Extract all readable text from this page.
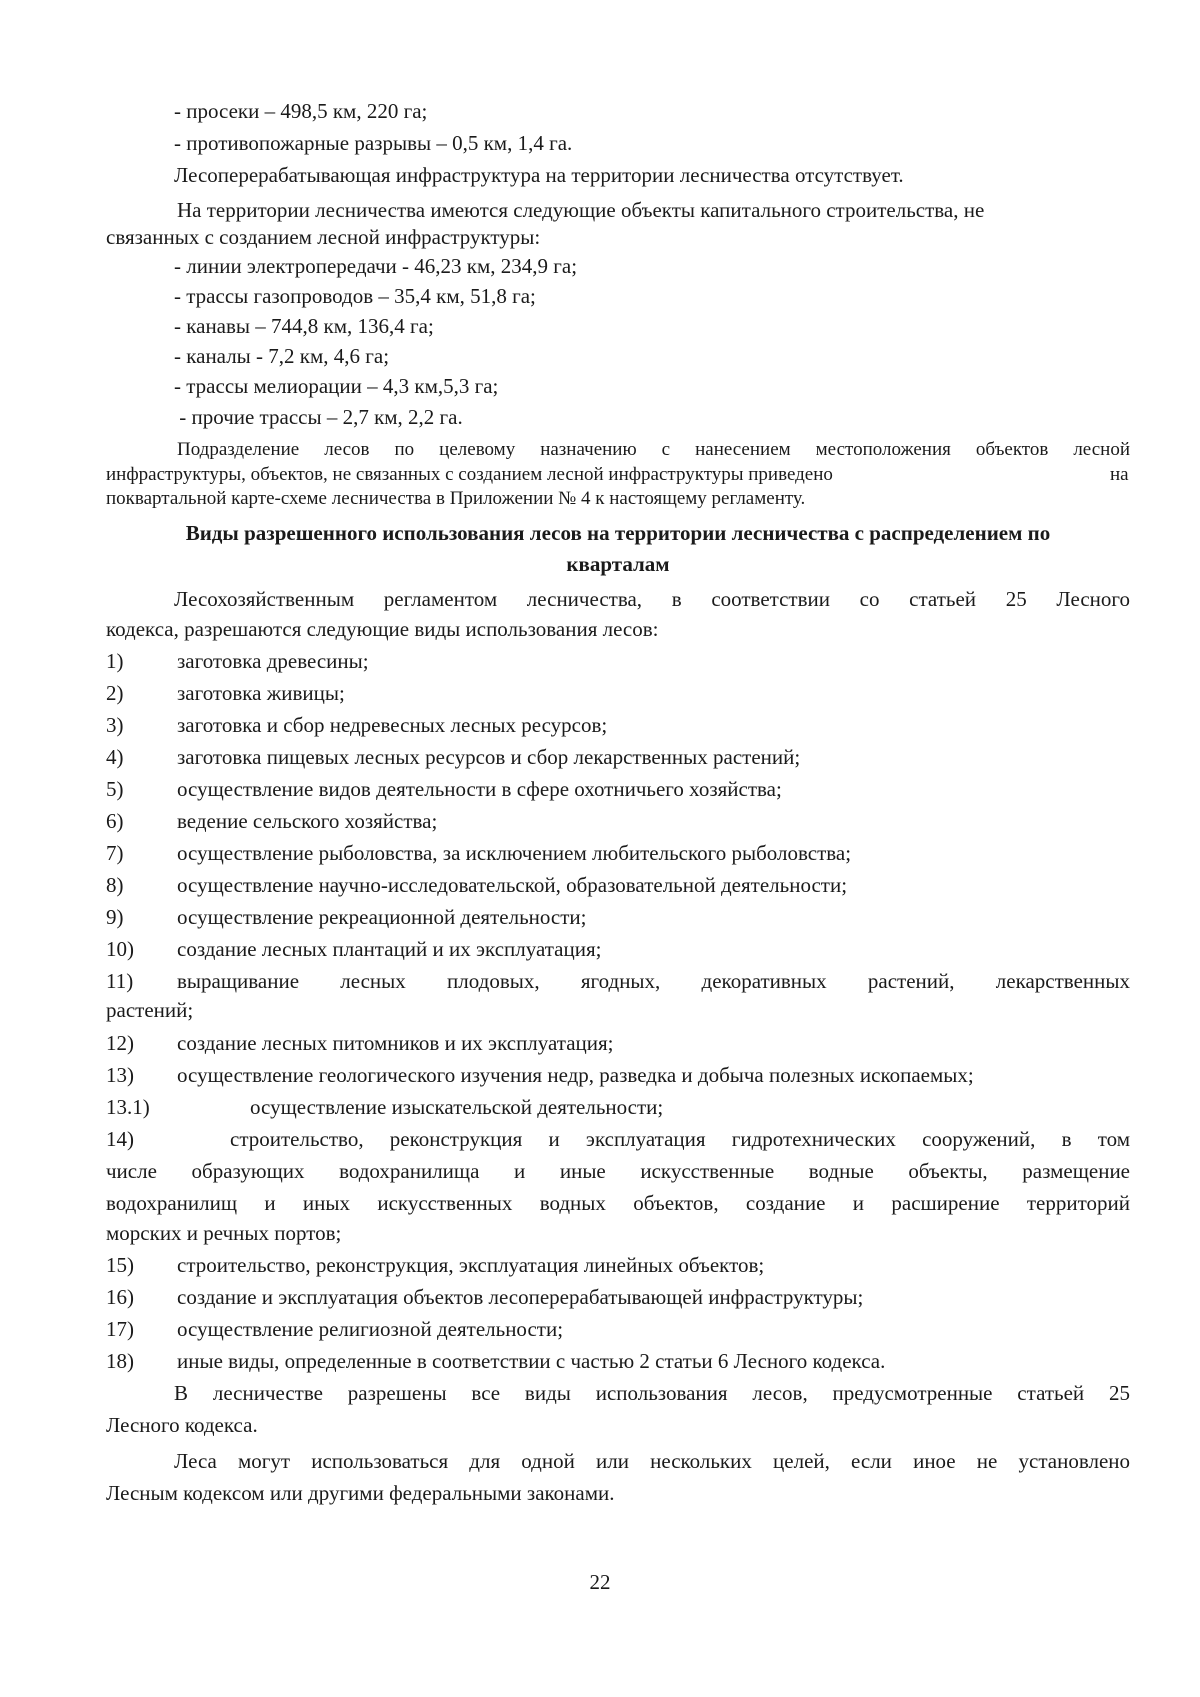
- просеки – 498,5 км, 220 га;
- противопожарные разрывы – 0,5 км, 1,4 га.
Лесоперерабатывающая инфраструктура на территории лесничества отсутствует.
На территории лесничества имеются следующие объекты капитального строительства, не
связанных с созданием лесной инфраструктуры:
- линии электропередачи - 46,23 км, 234,9 га;
- трассы газопроводов – 35,4 км, 51,8 га;
- канавы – 744,8 км, 136,4 га;
- каналы - 7,2 км, 4,6 га;
- трассы мелиорации – 4,3 км,5,3 га;
- прочие трассы – 2,7 км, 2,2 га.
Подразделение лесов по целевому назначению с нанесением местоположения объектов лесной
инфраструктуры, объектов, не связанных с созданием лесной инфраструктуры приведено	на
поквартальной карте-схеме лесничества в Приложении № 4 к настоящему регламенту.
Виды разрешенного использования лесов на территории лесничества с распределением по
кварталам
Лесохозяйственным регламентом лесничества, в соответствии со статьей 25 Лесного
кодекса, разрешаются следующие виды использования лесов:
1)	заготовка древесины;
2)	заготовка живицы;
3)	заготовка и сбор недревесных лесных ресурсов;
4)	заготовка пищевых лесных ресурсов и сбор лекарственных растений;
5)	осуществление видов деятельности в сфере охотничьего хозяйства;
6)	ведение сельского хозяйства;
7)	осуществление рыболовства, за исключением любительского рыболовства;
8)	осуществление научно-исследовательской, образовательной деятельности;
9)	осуществление рекреационной деятельности;
10) создание лесных плантаций и их эксплуатация;
11) выращивание лесных плодовых, ягодных, декоративных растений, лекарственных
растений;
12) создание лесных питомников и их эксплуатация;
13) осуществление геологического изучения недр, разведка и добыча полезных ископаемых;
13.1)	осуществление изыскательской деятельности;
14)	строительство, реконструкция и эксплуатация гидротехнических сооружений, в том
числе образующих водохранилища и иные искусственные водные объекты, размещение
водохранилищ и иных искусственных водных объектов, создание и расширение территорий
морских и речных портов;
15) строительство, реконструкция, эксплуатация линейных объектов;
16) создание и эксплуатация объектов лесоперерабатывающей инфраструктуры;
17) осуществление религиозной деятельности;
18) иные виды, определенные в соответствии с частью 2 статьи 6 Лесного кодекса.
В лесничестве разрешены все виды использования лесов, предусмотренные статьей 25
Лесного кодекса.
Леса могут использоваться для одной или нескольких целей, если иное не установлено
Лесным кодексом или другими федеральными законами.
22
